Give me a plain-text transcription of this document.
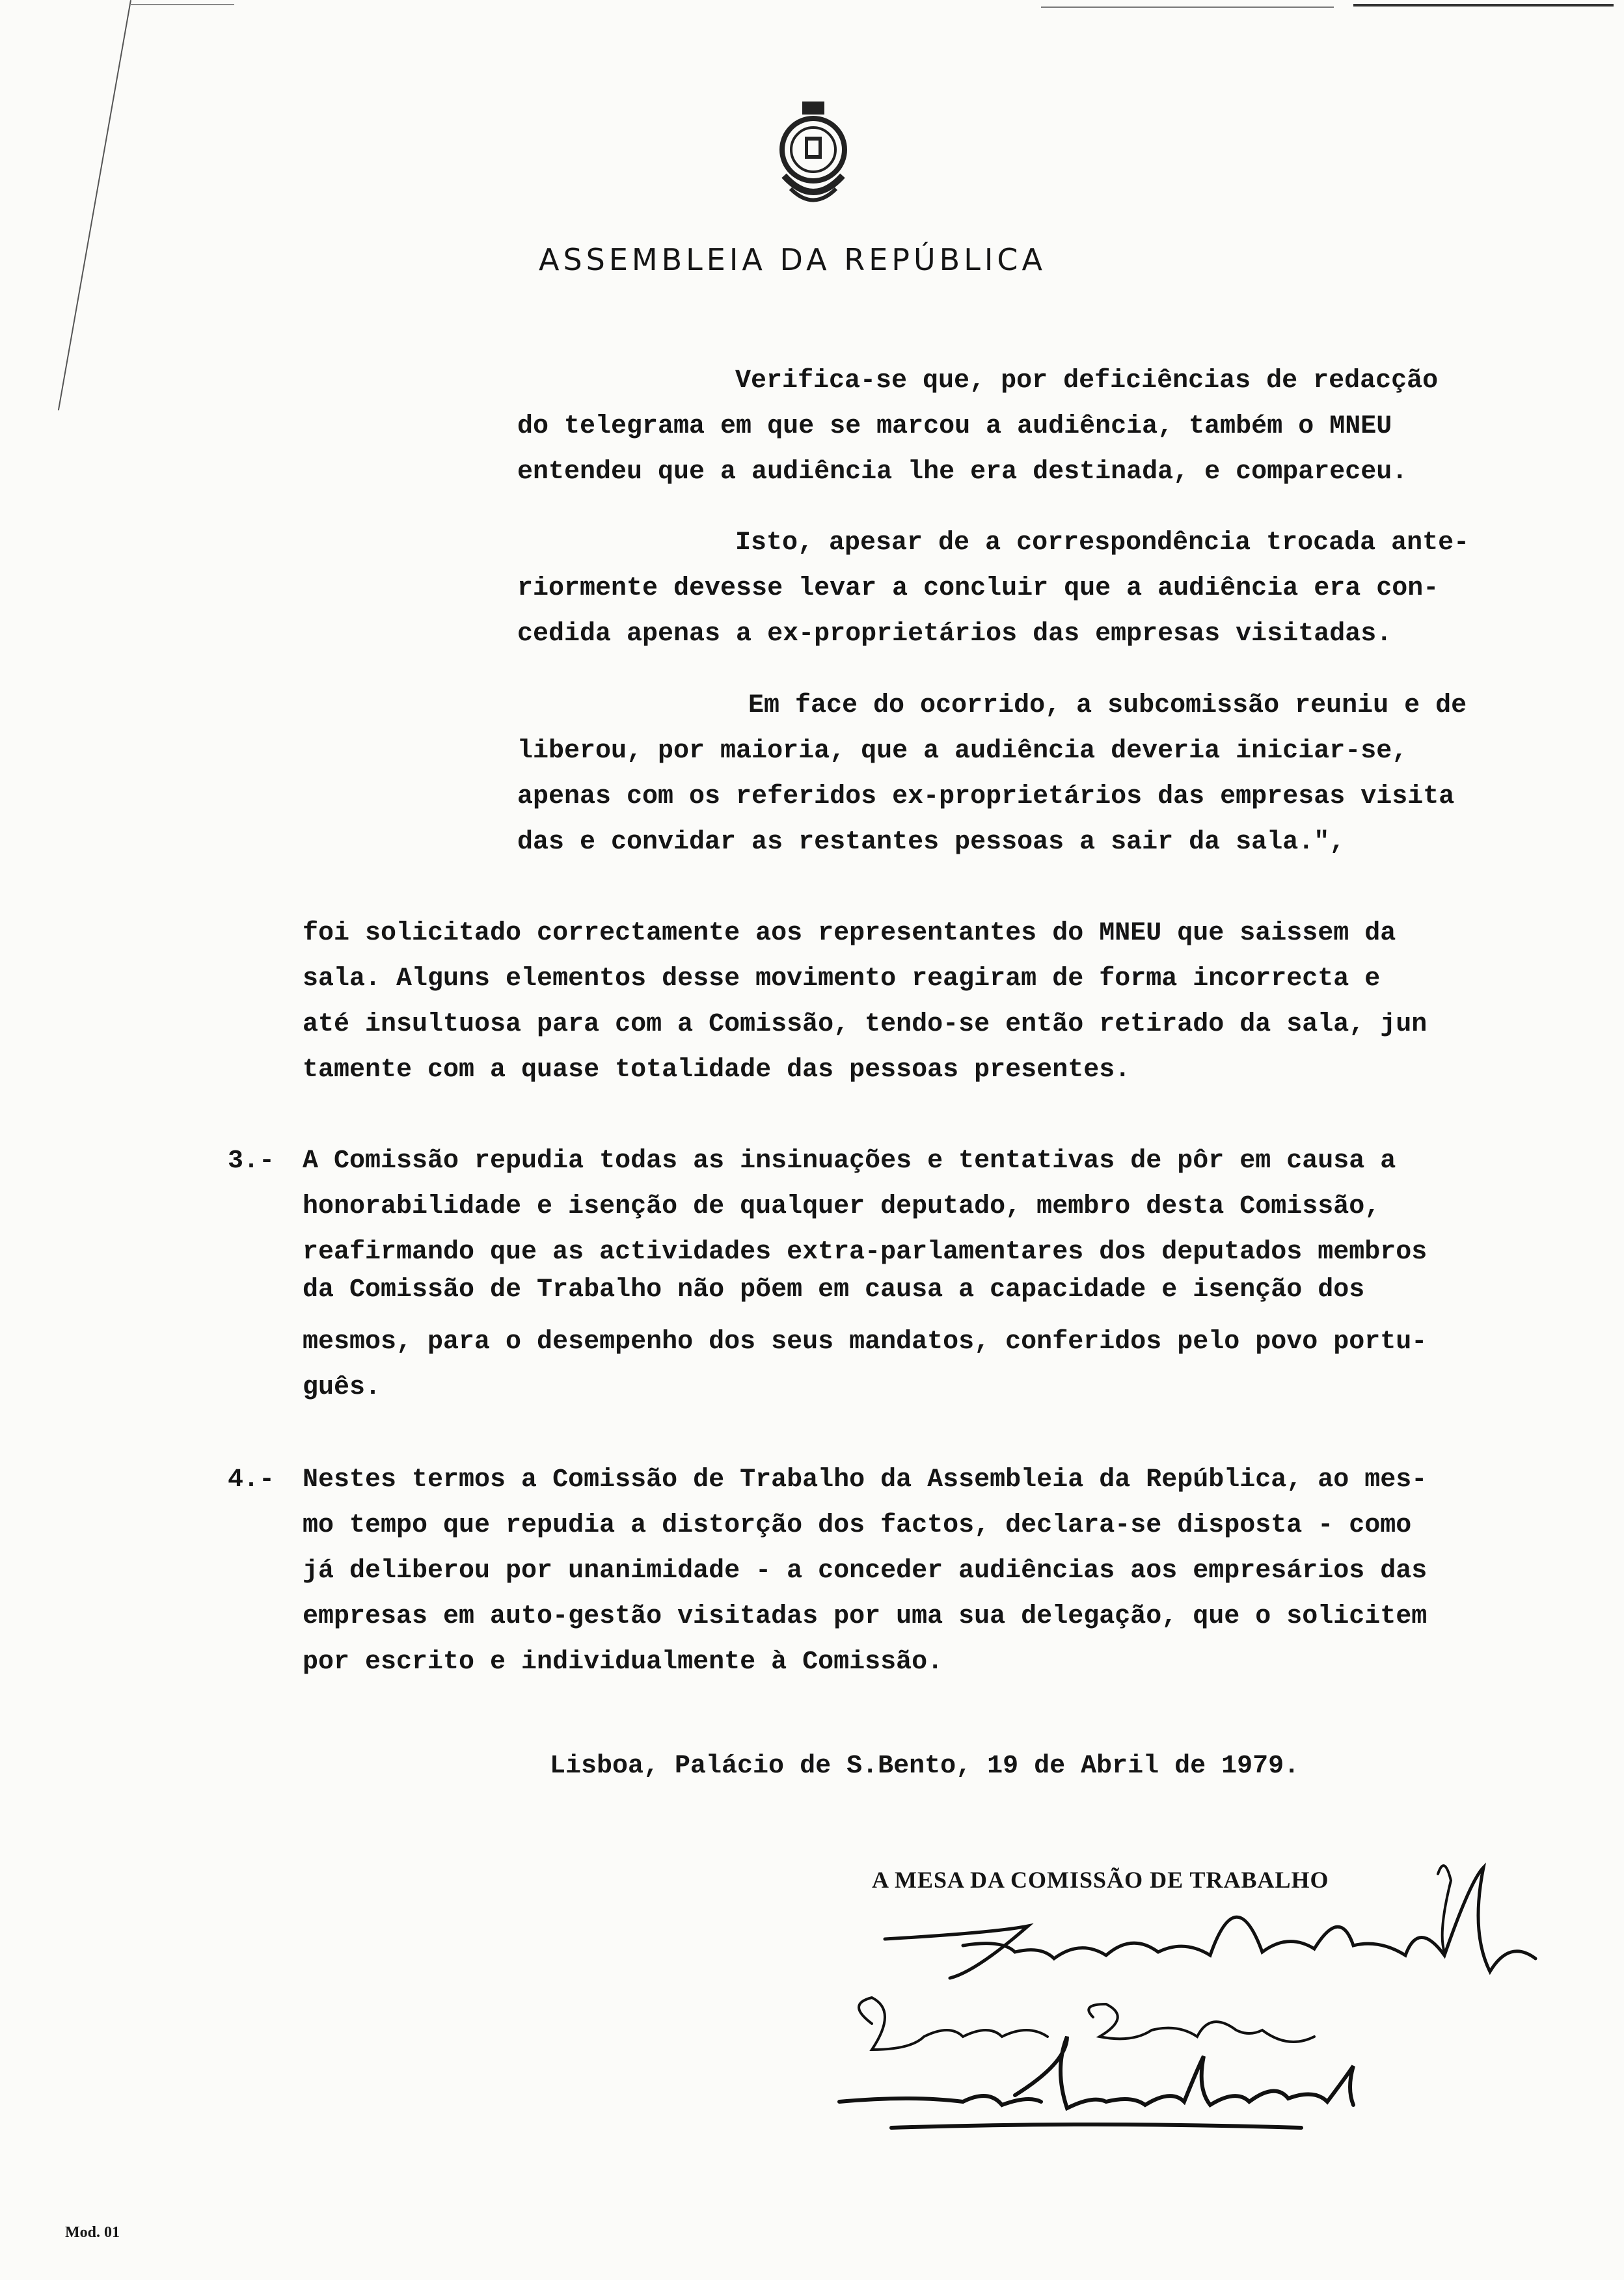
ASSEMBLEIA DA REPÚBLICA
Verifica-se que, por deficiências de redacção
do telegrama em que se marcou a audiência, também o MNEU
entendeu que a audiência lhe era destinada, e compareceu.
Isto, apesar de a correspondência trocada ante-
riormente devesse levar a concluir que a audiência era con-
cedida apenas a ex-proprietários das empresas visitadas.
Em face do ocorrido, a subcomissão reuniu e de
liberou, por maioria, que a audiência deveria iniciar-se,
apenas com os referidos ex-proprietários das empresas visita
das e convidar as restantes pessoas a sair da sala.",
foi solicitado correctamente aos representantes do MNEU que saissem da
sala. Alguns elementos desse movimento reagiram de forma incorrecta e
até insultuosa para com a Comissão, tendo-se então retirado da sala, jun
tamente com a quase totalidade das pessoas presentes.
3.- A Comissão repudia todas as insinuações e tentativas de pôr em causa a
honorabilidade e isenção de qualquer deputado, membro desta Comissão,
reafirmando que as actividades extra-parlamentares dos deputados membros
da Comissão de Trabalho não põem em causa a capacidade e isenção dos
mesmos, para o desempenho dos seus mandatos, conferidos pelo povo portu-
guês.
4.- Nestes termos a Comissão de Trabalho da Assembleia da República, ao mes-
mo tempo que repudia a distorção dos factos, declara-se disposta - como
já deliberou por unanimidade - a conceder audiências aos empresários das
empresas em auto-gestão visitadas por uma sua delegação, que o solicitem
por escrito e individualmente à Comissão.
Lisboa, Palácio de S.Bento, 19 de Abril de 1979.
A MESA DA COMISSÃO DE TRABALHO
Mod. 01
